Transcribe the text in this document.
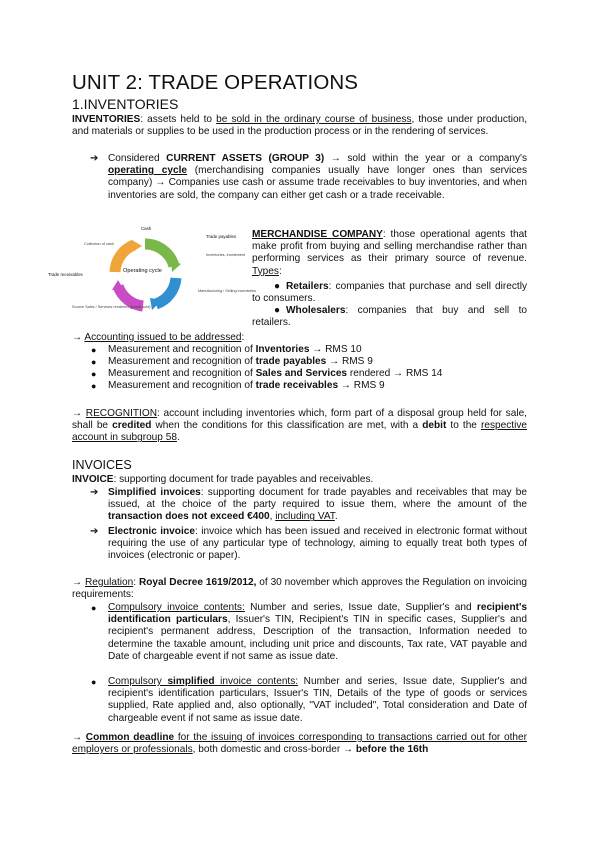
UNIT 2: TRADE OPERATIONS
1.INVENTORIES
INVENTORIES: assets held to be sold in the ordinary course of business, those under production, and materials or supplies to be used in the production process or in the rendering of services.
➔ Considered CURRENT ASSETS (GROUP 3) → sold within the year or a company's operating cycle (merchandising companies usually have longer ones than services company) → Companies use cash or assume trade receivables to buy inventories, and when inventories are sold, the company can either get cash or a trade receivable.
Operating cycle
Cash
Trade payables
Inventories, investment
Manufacturing / Selling inventories
Source Sales / Services rendered (goods sold)
Trade receivables
Collection of cash
MERCHANDISE COMPANY: those operational agents that make profit from buying and selling merchandise rather than performing services as their primary source of revenue. Types:
● Retailers: companies that purchase and sell directly to consumers.
● Wholesalers: companies that buy and sell to retailers.
→ Accounting issued to be addressed:
● Measurement and recognition of Inventories → RMS 10
● Measurement and recognition of trade payables → RMS 9
● Measurement and recognition of Sales and Services rendered → RMS 14
● Measurement and recognition of trade receivables → RMS 9
→ RECOGNITION: account including inventories which, form part of a disposal group held for sale, shall be credited when the conditions for this classification are met, with a debit to the respective account in subgroup 58.
INVOICES
INVOICE: supporting document for trade payables and receivables.
➔ Simplified invoices: supporting document for trade payables and receivables that may be issued, at the choice of the party required to issue them, where the amount of the transaction does not exceed €400, including VAT.
➔ Electronic invoice: invoice which has been issued and received in electronic format without requiring the use of any particular type of technology, aiming to equally treat both types of invoices (electronic or paper).
→ Regulation: Royal Decree 1619/2012, of 30 november which approves the Regulation on invoicing requirements:
● Compulsory invoice contents: Number and series, Issue date, Supplier's and recipient's identification particulars, Issuer's TIN, Recipient's TIN in specific cases, Supplier's and recipient's permanent address, Description of the transaction, Information needed to determine the taxable amount, including unit price and discounts, Tax rate, VAT payable and Date of chargeable event if not same as issue date.
● Compulsory simplified invoice contents: Number and series, Issue date, Supplier's and recipient's identification particulars, Issuer's TIN, Details of the type of goods or services supplied, Rate applied and, also optionally, "VAT included", Total consideration and Date of chargeable event if not same as issue date.
→ Common deadline for the issuing of invoices corresponding to transactions carried out for other employers or professionals, both domestic and cross-border → before the 16th
